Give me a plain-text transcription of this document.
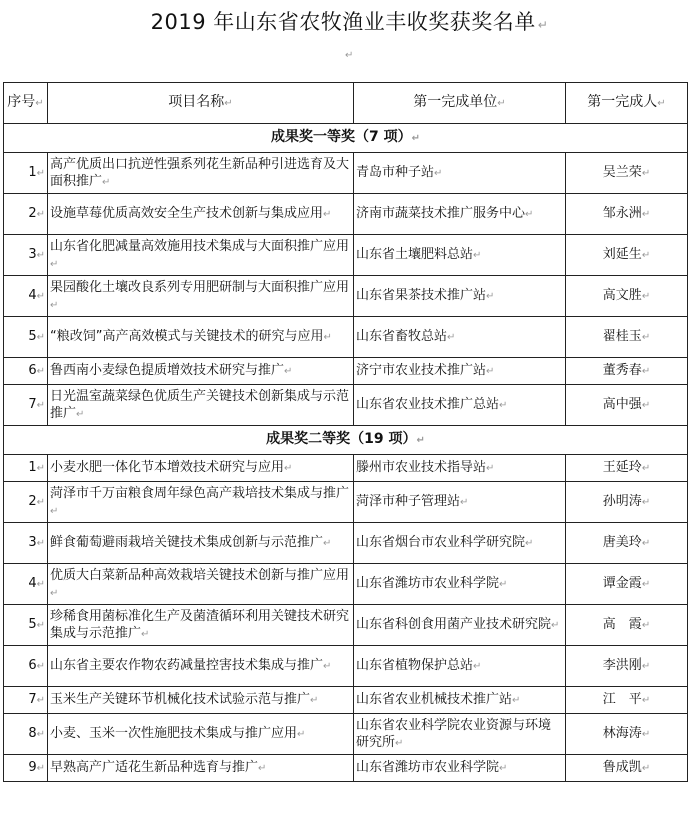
2019 年山东省农牧渔业丰收奖获奖名单 ↵
↵
序号↵	项目名称↵	第一完成单位↵	第一完成人↵
成果奖一等奖（7 项）↵			
1↵	高产优质出口抗逆性强系列花生新品种引进选育及大面积推广↵	青岛市种子站↵	吴兰荣↵
2↵	设施草莓优质高效安全生产技术创新与集成应用↵	济南市蔬菜技术推广服务中心↵	邹永洲↵
3↵	山东省化肥减量高效施用技术集成与大面积推广应用↵	山东省土壤肥料总站↵	刘延生↵
4↵	果园酸化土壤改良系列专用肥研制与大面积推广应用↵	山东省果茶技术推广站↵	高文胜↵
5↵	“粮改饲”高产高效模式与关键技术的研究与应用↵	山东省畜牧总站↵	翟桂玉↵
6↵	鲁西南小麦绿色提质增效技术研究与推广↵	济宁市农业技术推广站↵	董秀春↵
7↵	日光温室蔬菜绿色优质生产关键技术创新集成与示范推广↵	山东省农业技术推广总站↵	高中强↵
成果奖二等奖（19 项）↵			
1↵	小麦水肥一体化节本增效技术研究与应用↵	滕州市农业技术指导站↵	王延玲↵
2↵	菏泽市千万亩粮食周年绿色高产栽培技术集成与推广↵	菏泽市种子管理站↵	孙明涛↵
3↵	鲜食葡萄避雨栽培关键技术集成创新与示范推广↵	山东省烟台市农业科学研究院↵	唐美玲↵
4↵	优质大白菜新品种高效栽培关键技术创新与推广应用↵	山东省潍坊市农业科学院↵	谭金霞↵
5↵	珍稀食用菌标准化生产及菌渣循环利用关键技术研究集成与示范推广↵	山东省科创食用菌产业技术研究院↵	高　霞↵
6↵	山东省主要农作物农药减量控害技术集成与推广↵	山东省植物保护总站↵	李洪刚↵
7↵	玉米生产关键环节机械化技术试验示范与推广↵	山东省农业机械技术推广站↵	江　平↵
8↵	小麦、玉米一次性施肥技术集成与推广应用↵	山东省农业科学院农业资源与环境研究所↵	林海涛↵
9↵	早熟高产广适花生新品种选育与推广↵	山东省潍坊市农业科学院↵	鲁成凯↵
